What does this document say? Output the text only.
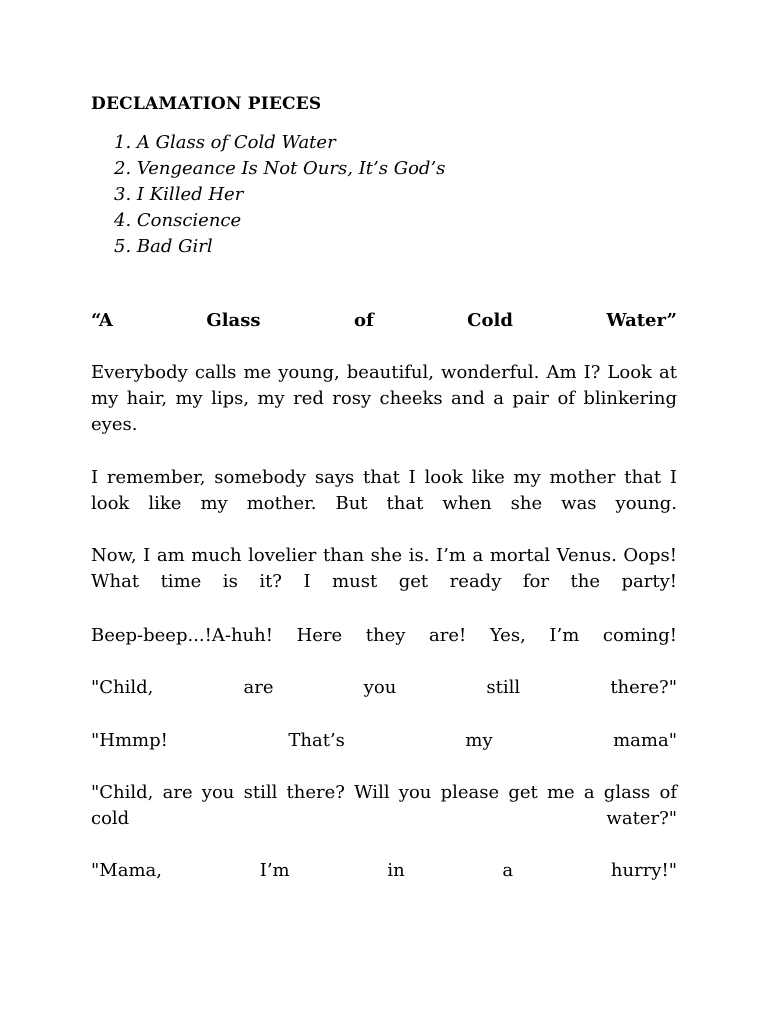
DECLAMATION PIECES
1. A Glass of Cold Water
2. Vengeance Is Not Ours, It’s God’s
3. I Killed Her
4. Conscience
5. Bad Girl

“A Glass of Cold Water”

Everybody calls me young, beautiful, wonderful. Am I? Look at my hair, my lips, my red rosy cheeks and a pair of blinkering eyes.

I remember, somebody says that I look like my mother that I look like my mother. But that when she was young.

Now, I am much lovelier than she is. I’m a mortal Venus. Oops! What time is it? I must get ready for the party!

Beep-beep...!A-huh! Here they are! Yes, I’m coming!

"Child, are you still there?"

"Hmmp! That’s my mama"

"Child, are you still there? Will you please get me a glass of cold water?"

"Mama, I’m in a hurry!"
